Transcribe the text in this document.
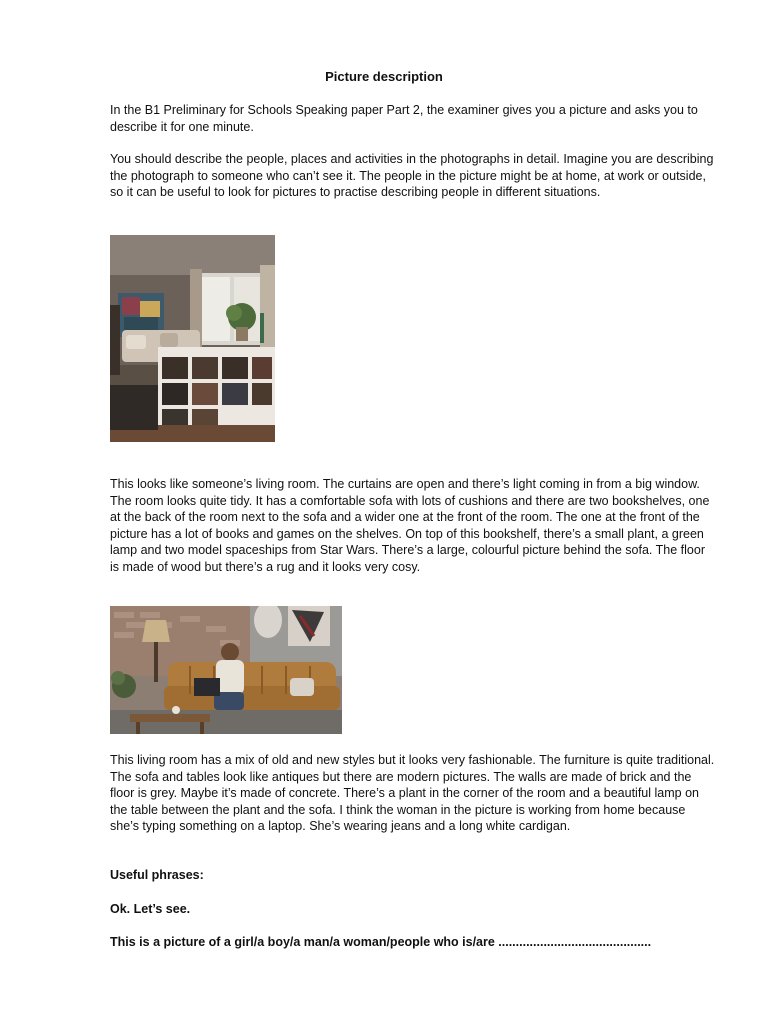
Picture description

In the B1 Preliminary for Schools Speaking paper Part 2, the examiner gives you a picture and asks you to describe it for one minute.

You should describe the people, places and activities in the photographs in detail. Imagine you are describing the photograph to someone who can’t see it. The people in the picture might be at home, at work or outside, so it can be useful to look for pictures to practise describing people in different situations.

This looks like someone’s living room. The curtains are open and there’s light coming in from a big window. The room looks quite tidy. It has a comfortable sofa with lots of cushions and there are two bookshelves, one at the back of the room next to the sofa and a wider one at the front of the room. The one at the front of the picture has a lot of books and games on the shelves. On top of this bookshelf, there’s a small plant, a green lamp and two model spaceships from Star Wars. There’s a large, colourful picture behind the sofa. The floor is made of wood but there’s a rug and it looks very cosy.

This living room has a mix of old and new styles but it looks very fashionable. The furniture is quite traditional. The sofa and tables look like antiques but there are modern pictures. The walls are made of brick and the floor is grey. Maybe it’s made of concrete. There’s a plant in the corner of the room and a beautiful lamp on the table between the plant and the sofa. I think the woman in the picture is working from home because she’s typing something on a laptop. She’s wearing jeans and a long white cardigan.

Useful phrases:
Ok. Let’s see.
This is a picture of a girl/a boy/a man/a woman/people who is/are ............................................
